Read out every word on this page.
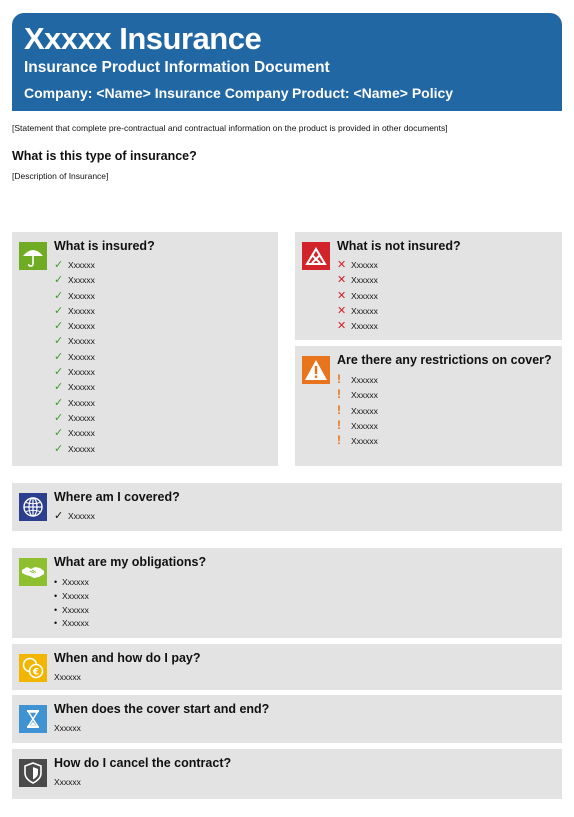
Xxxxx Insurance
Insurance Product Information Document
Company: <Name> Insurance Company Product: <Name> Policy
[Statement that complete pre-contractual and contractual information on the product is provided in other documents]
What is this type of insurance?
[Description of Insurance]
What is insured?
✓ Xxxxxx
✓ Xxxxxx
✓ Xxxxxx
✓ Xxxxxx
✓ Xxxxxx
✓ Xxxxxx
✓ Xxxxxx
✓ Xxxxxx
✓ Xxxxxx
✓ Xxxxxx
✓ Xxxxxx
✓ Xxxxxx
✓ Xxxxxx
What is not insured?
✕ Xxxxxx
✕ Xxxxxx
✕ Xxxxxx
✕ Xxxxxx
✕ Xxxxxx
Are there any restrictions on cover?
! Xxxxxx
! Xxxxxx
! Xxxxxx
! Xxxxxx
! Xxxxxx
Where am I covered?
✓ Xxxxxx
What are my obligations?
• Xxxxxx
• Xxxxxx
• Xxxxxx
• Xxxxxx
€
When and how do I pay?
Xxxxxx
When does the cover start and end?
Xxxxxx
How do I cancel the contract?
Xxxxxx
